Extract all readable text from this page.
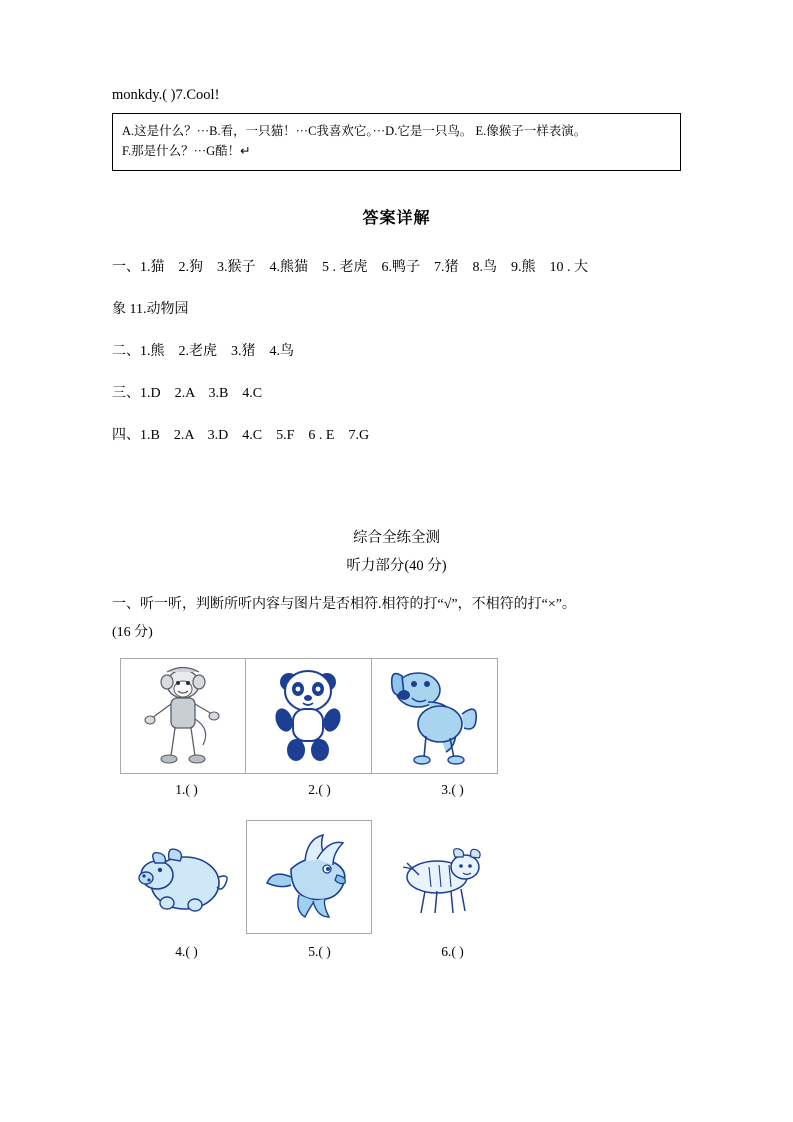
monkdy.( )7.Cool!
A.这是什么？···B.看，一只猫！···C我喜欢它。···D.它是一只鸟。 E.像猴子一样表演。
F.那是什么？···G酷！↵
答案详解
一、1.猫　2.狗　3.猴子　4.熊猫　5 . 老虎　6.鸭子　7.猪　8.鸟　9.熊　10 . 大
象 11.动物园
二、1.熊　2.老虎　3.猪　4.鸟
三、1.D　2.A　3.B　4.C
四、1.B　2.A　3.D　4.C　5.F　6 . E　7.G
综合全练全测
听力部分(40 分)
一、听一听，判断所听内容与图片是否相符.相符的打“√”，不相符的打“×”。
(16 分)
1.( )	2.( )	3.( )
4.( )	5.( )	6.( )
